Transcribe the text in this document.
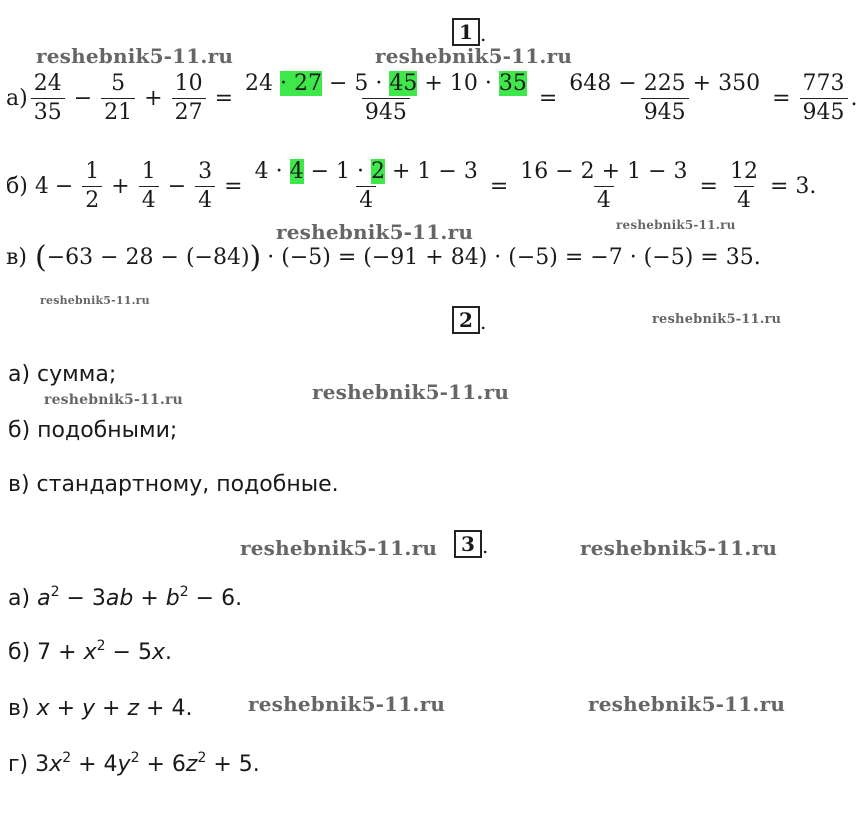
1 .
reshebnik5-11.ru	reshebnik5-11.ru
reshebnik5-11.ru
reshebnik5-11.ru
reshebnik5-11.ru
reshebnik5-11.ru
reshebnik5-11.ru	reshebnik5-11.ru
reshebnik5-11.ru	reshebnik5-11.ru
reshebnik5-11.ru	reshebnik5-11.ru
$а) \frac{24}{35} - \frac{5}{21} + \frac{10}{27} = \frac{24 \cdot 27 - 5 \cdot 45 + 10 \cdot 35}{945} = \frac{648 - 225 + 350}{945} = \frac{773}{945}$ .
б) $4 - \frac{1}{2} + \frac{1}{4} - \frac{3}{4} = \frac{4 \cdot 4 - 1 \cdot 2 + 1 - 3}{4} = \frac{16 - 2 + 1 - 3}{4} = \frac{12}{4} = 3$.
в) ( −63 − 28 − (−84) ) · (−5) = (−91 + 84) · (−5) = −7 · (−5) = 35.
2 .
а) сумма;
б) подобными;
в) стандартному, подобные.
3 .
а) $a^2 - 3ab + b^2 - 6$.
б) $7 + x^2 - 5x$.
в) x + y + z + 4.
г) $3x^2 + 4y^2 + 6z^2 + 5$.
